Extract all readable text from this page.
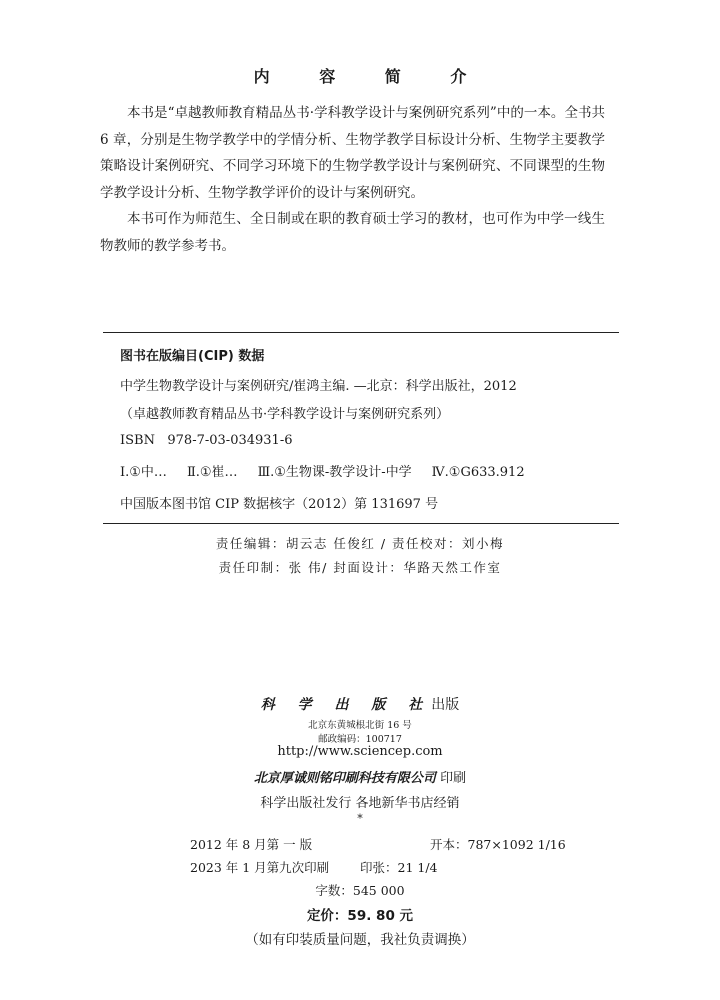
内 容 简 介

本书是“卓越教师教育精品丛书·学科教学设计与案例研究系列”中的一本。全书共 6 章，分别是生物学教学中的学情分析、生物学教学目标设计分析、生物学主要教学策略设计案例研究、不同学习环境下的生物学教学设计与案例研究、不同课型的生物学教学设计分析、生物学教学评价的设计与案例研究。

本书可作为师范生、全日制或在职的教育硕士学习的教材，也可作为中学一线生物教师的教学参考书。

图书在版编目(CIP) 数据
中学生物教学设计与案例研究/崔鸿主编. —北京：科学出版社，2012
（卓越教师教育精品丛书·学科教学设计与案例研究系列）
ISBN 978-7-03-034931-6
Ⅰ.①中… Ⅱ.①崔… Ⅲ.①生物课-教学设计-中学 Ⅳ.①G633.912
中国版本图书馆 CIP 数据核字（2012）第 131697 号
责任编辑：胡云志 任俊红 / 责任校对：刘小梅
责任印制：张 伟/ 封面设计：华路天然工作室
科 学 出 版 社出版
北京东黄城根北街 16 号
邮政编码：100717
http://www.sciencep.com
北京厚诚则铭印刷科技有限公司 印刷
科学出版社发行 各地新华书店经销
*
2012 年 8 月第 一 版	开本：787×1092 1/16
2023 年 1 月第九次印刷 印张：21 1/4
字数：545 000
定价：59. 80 元
（如有印装质量问题，我社负责调换）
